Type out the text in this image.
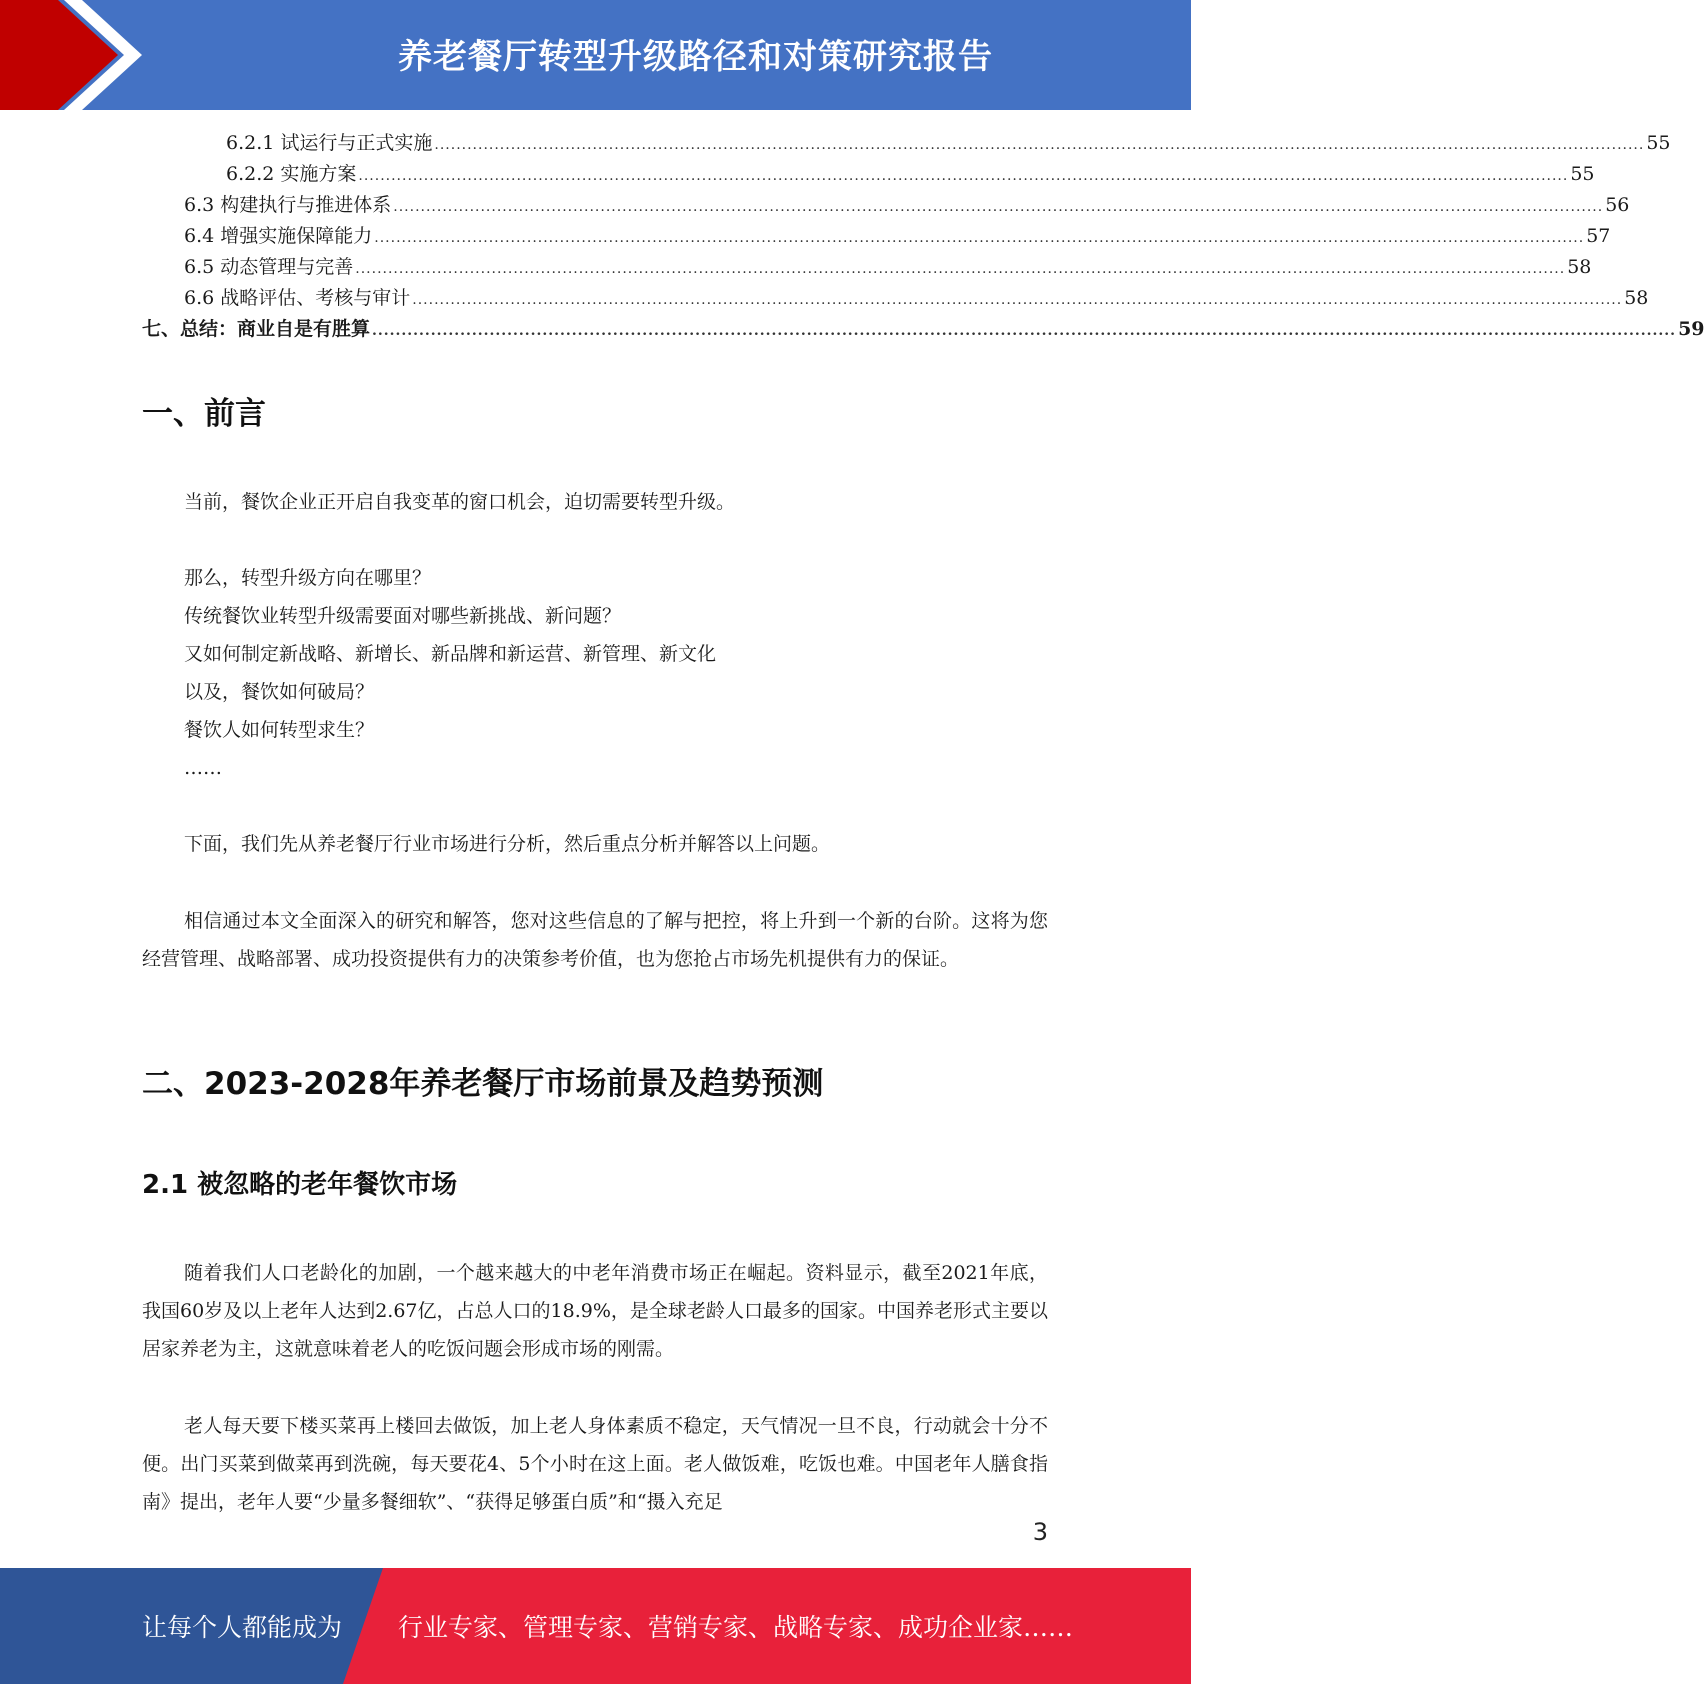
养老餐厅转型升级路径和对策研究报告
6.2.1 试运行与正式实施 .............................................................................................................................................................................................................................. 55
6.2.2 实施方案 .............................................................................................................................................................................................................................. 55
6.3 构建执行与推进体系 .............................................................................................................................................................................................................................. 56
6.4 增强实施保障能力 .............................................................................................................................................................................................................................. 57
6.5 动态管理与完善 .............................................................................................................................................................................................................................. 58
6.6 战略评估、考核与审计 .............................................................................................................................................................................................................................. 58
七、总结：商业自是有胜算 .............................................................................................................................................................................................................................. 59
一、前言

当前，餐饮企业正开启自我变革的窗口机会，迫切需要转型升级。

那么，转型升级方向在哪里？

传统餐饮业转型升级需要面对哪些新挑战、新问题？

又如何制定新战略、新增长、新品牌和新运营、新管理、新文化

以及，餐饮如何破局？

餐饮人如何转型求生？

……

下面，我们先从养老餐厅行业市场进行分析，然后重点分析并解答以上问题。

相信通过本文全面深入的研究和解答，您对这些信息的了解与把控，将上升到一个新的台阶。这将为您经营管理、战略部署、成功投资提供有力的决策参考价值，也为您抢占市场先机提供有力的保证。

二、2023-2028年养老餐厅市场前景及趋势预测
2.1 被忽略的老年餐饮市场

随着我们人口老龄化的加剧，一个越来越大的中老年消费市场正在崛起。资料显示，截至2021年底，我国60岁及以上老年人达到2.67亿，占总人口的18.9%，是全球老龄人口最多的国家。中国养老形式主要以居家养老为主，这就意味着老人的吃饭问题会形成市场的刚需。

老人每天要下楼买菜再上楼回去做饭，加上老人身体素质不稳定，天气情况一旦不良，行动就会十分不便。出门买菜到做菜再到洗碗，每天要花4、5个小时在这上面。老人做饭难，吃饭也难。中国老年人膳食指南》提出，老年人要“少量多餐细软”、“获得足够蛋白质”和“摄入充足

3
让每个人都能成为 行业专家、管理专家、营销专家、战略专家、成功企业家……
